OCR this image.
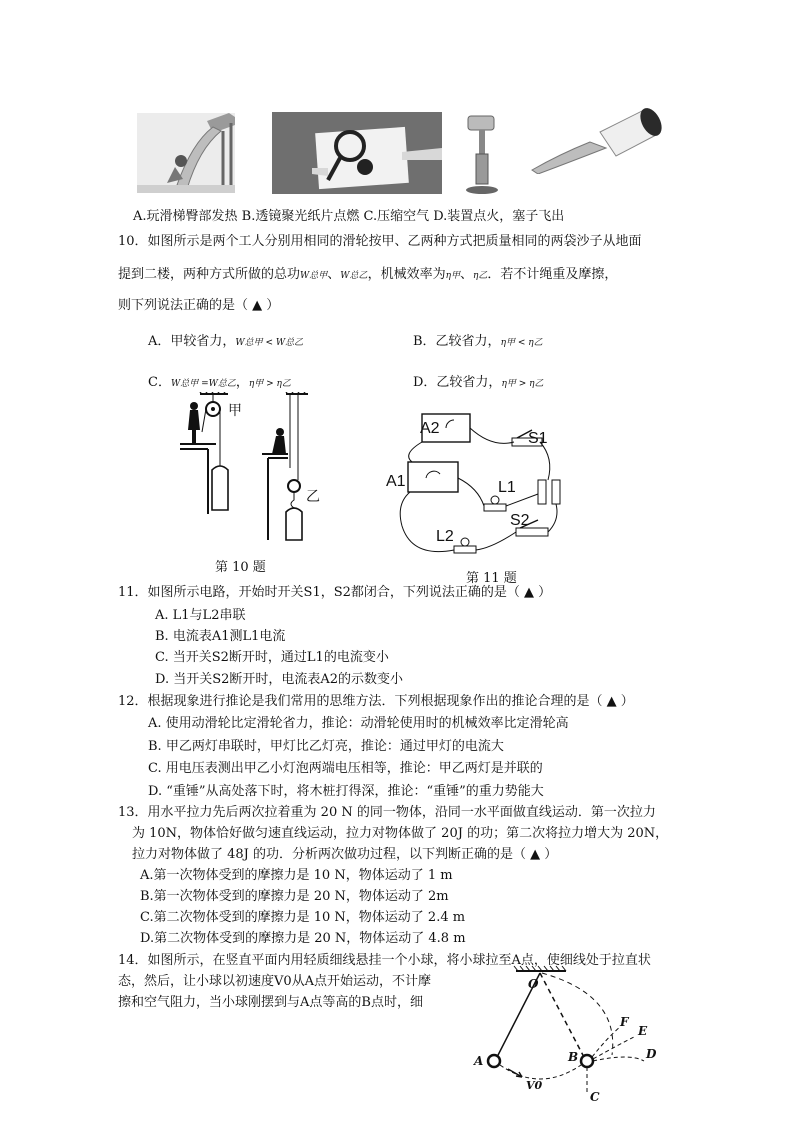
A.玩滑梯臀部发热 B.透镜聚光纸片点燃 C.压缩空气 D.装置点火，塞子飞出
10．如图所示是两个工人分别用相同的滑轮按甲、乙两种方式把质量相同的两袋沙子从地面
提到二楼，两种方式所做的总功W总甲、W总乙，机械效率为η甲、η乙．若不计绳重及摩擦，
则下列说法正确的是（ ▲ ）
A．甲较省力，W总甲 < W总乙	B．乙较省力，η甲 < η乙
C．W总甲 =W总乙，η甲 > η乙	D．乙较省力，η甲 > η乙
甲
乙
第 10 题
A2
A1
S1
L1
S2
L2
第 11 题
11．如图所示电路，开始时开关S1，S2都闭合，下列说法正确的是（ ▲ ）
A. L1与L2串联
B. 电流表A1测L1电流
C. 当开关S2断开时，通过L1的电流变小
D. 当开关S2断开时，电流表A2的示数变小
12．根据现象进行推论是我们常用的思维方法．下列根据现象作出的推论合理的是（ ▲ ）
A. 使用动滑轮比定滑轮省力，推论：动滑轮使用时的机械效率比定滑轮高
B. 甲乙两灯串联时，甲灯比乙灯亮，推论：通过甲灯的电流大
C. 用电压表测出甲乙小灯泡两端电压相等，推论：甲乙两灯是并联的
D. “重锤”从高处落下时，将木桩打得深，推论：“重锤”的重力势能大
13．用水平拉力先后两次拉着重为 20 N 的同一物体，沿同一水平面做直线运动．第一次拉力
为 10N，物体恰好做匀速直线运动，拉力对物体做了 20J 的功；第二次将拉力增大为 20N，
拉力对物体做了 48J 的功．分析两次做功过程，以下判断正确的是（ ▲ ）
A.第一次物体受到的摩擦力是 10 N，物体运动了 1 m
B.第一次物体受到的摩擦力是 20 N，物体运动了 2m
C.第二次物体受到的摩擦力是 10 N，物体运动了 2.4 m
D.第二次物体受到的摩擦力是 20 N，物体运动了 4.8 m
14．如图所示，在竖直平面内用轻质细线悬挂一个小球，将小球拉至A点，使细线处于拉直状
态，然后，让小球以初速度V0从A点开始运动，不计摩
擦和空气阻力，当小球刚摆到与A点等高的B点时，细
O
A	B
C
D
E
F
V0
